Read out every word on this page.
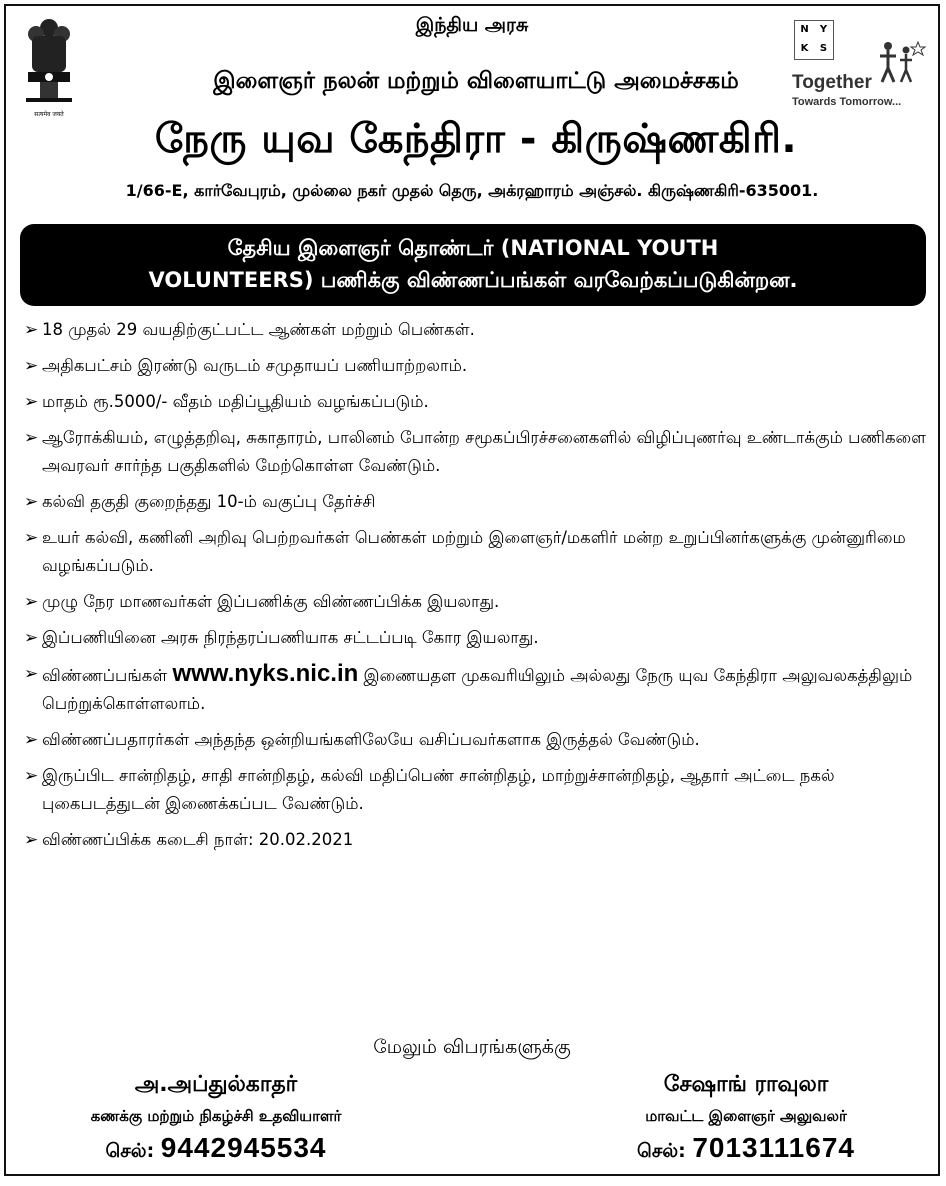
सत्यमेव जयते
N	Y
K	S
Together
Towards Tomorrow...
இந்திய அரசு
இளைஞர் நலன் மற்றும் விளையாட்டு அமைச்சகம்
நேரு யுவ கேந்திரா - கிருஷ்ணகிரி.
1/66-E, கார்வேபுரம், முல்லை நகர் முதல் தெரு, அக்ரஹாரம் அஞ்சல். கிருஷ்ணகிரி-635001.
தேசிய இளைஞர் தொண்டர் (NATIONAL YOUTH
VOLUNTEERS) பணிக்கு விண்ணப்பங்கள் வரவேற்கப்படுகின்றன.
➢ 18 முதல் 29 வயதிற்குட்பட்ட ஆண்கள் மற்றும் பெண்கள்.
➢ அதிகபட்சம் இரண்டு வருடம் சமுதாயப் பணியாற்றலாம்.
➢ மாதம் ரூ.5000/- வீதம் மதிப்பூதியம் வழங்கப்படும்.
➢ ஆரோக்கியம், எழுத்தறிவு, சுகாதாரம், பாலினம் போன்ற சமூகப்பிரச்சனைகளில் விழிப்புணர்வு உண்டாக்கும் பணிகளை அவரவர் சார்ந்த பகுதிகளில் மேற்கொள்ள வேண்டும்.
➢ கல்வி தகுதி குறைந்தது 10-ம் வகுப்பு தேர்ச்சி
➢ உயர் கல்வி, கணினி அறிவு பெற்றவர்கள் பெண்கள் மற்றும் இளைஞர்/மகளிர் மன்ற உறுப்பினர்களுக்கு முன்னுரிமை வழங்கப்படும்.
➢ முழு நேர மாணவர்கள் இப்பணிக்கு விண்ணப்பிக்க இயலாது.
➢ இப்பணியினை அரசு நிரந்தரப்பணியாக சட்டப்படி கோர இயலாது.
➢ விண்ணப்பங்கள் www.nyks.nic.in இணையதள முகவரியிலும் அல்லது நேரு யுவ கேந்திரா அலுவலகத்திலும் பெற்றுக்கொள்ளலாம்.
➢ விண்ணப்பதாரர்கள் அந்தந்த ஒன்றியங்களிலேயே வசிப்பவர்களாக இருத்தல் வேண்டும்.
➢ இருப்பிட சான்றிதழ், சாதி சான்றிதழ், கல்வி மதிப்பெண் சான்றிதழ், மாற்றுச்சான்றிதழ், ஆதார் அட்டை நகல் புகைபடத்துடன் இணைக்கப்பட வேண்டும்.
➢ விண்ணப்பிக்க கடைசி நாள்: 20.02.2021
மேலும் விபரங்களுக்கு
அ.அப்துல்காதர்
கணக்கு மற்றும் நிகழ்ச்சி உதவியாளர்
செல்: 9442945534
சேஷாங் ராவுலா
மாவட்ட இளைஞர் அலுவலர்
செல்: 7013111674
